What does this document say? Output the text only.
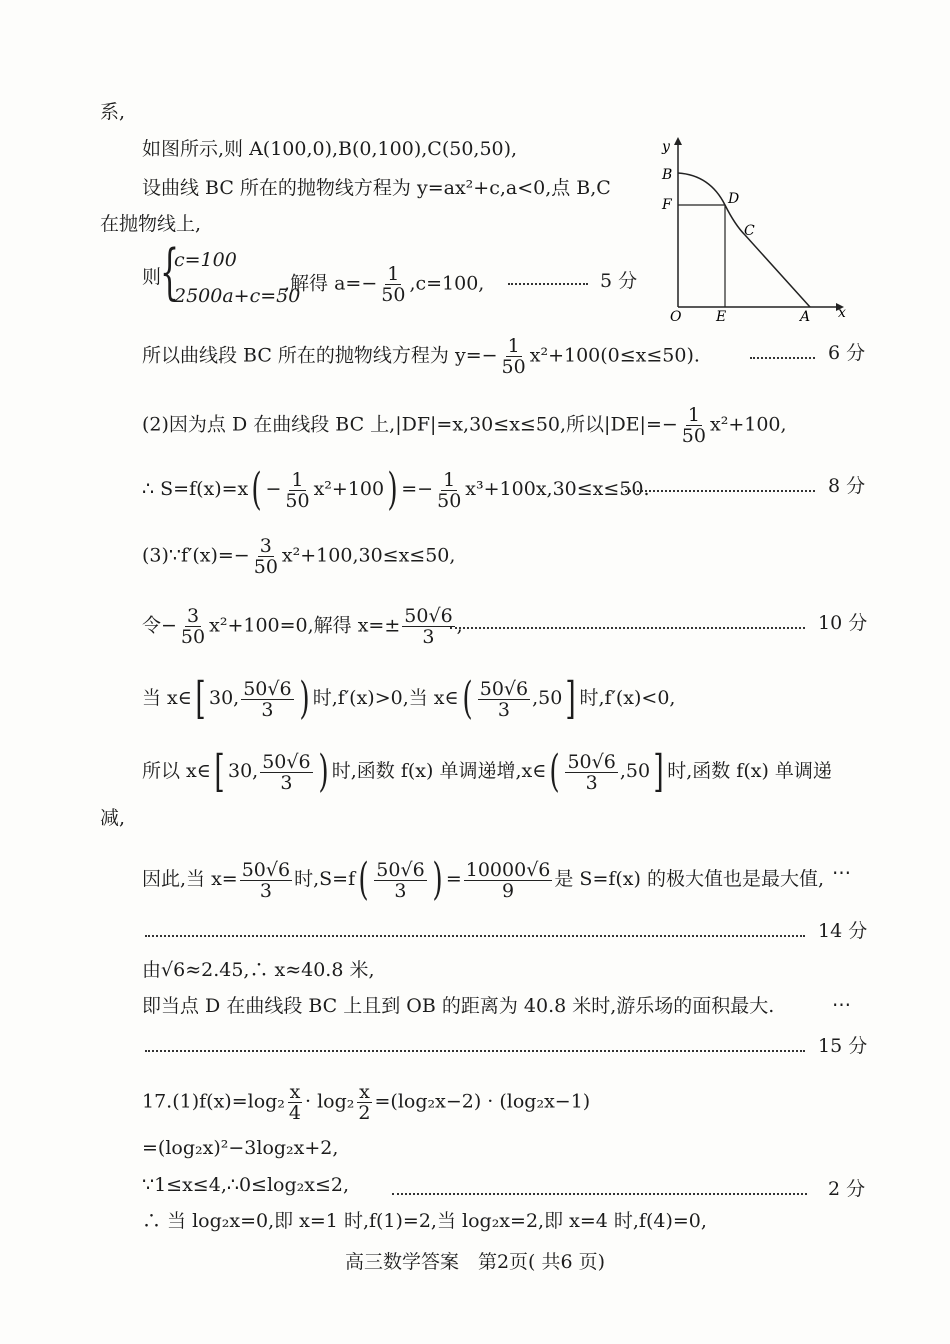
系,
如图所示,则 A(100,0),B(0,100),C(50,50),
设曲线 BC 所在的抛物线方程为 y=ax²+c,a<0,点 B,C
在抛物线上,
则
{
c=100
2500a+c=50
,解得 $a=- \frac{1}{50} ,c=100$,	5 分
y
x
B
F	D
C
O E	A
所以曲线段 BC 所在的抛物线方程为 $y=- \frac{1}{50} x^2+100(0\le x\le 50)$.	6 分
(2)因为点 D 在曲线段 BC 上,|DF|=x,30≤x≤50,所以$|DE|=- \frac{1}{50} x^2+100$,
∴ $S=f(x)=x( - \frac{1}{50} x^2+100) =- \frac{1}{50} x^3+100x,30\le x\le 50$.	8 分
(3)∵f′(x)=− $\frac{3}{50} x^2+100,30\le x\le 50$,
令− $\frac{3}{50} x^2+100=0$,解得 $x=\pm \frac{50√6}{3}$ ,	10 分
当 x∈[ 30, $\frac{50√6}{3}$ ) 时,f′(x)>0,当 x∈( $\frac{50√6}{3} ,50$] 时,f′(x)<0,
所以 x∈[ 30, $\frac{50√6}{3}$ ) 时,函数 f(x) 单调递增,x∈( $\frac{50√6}{3} ,50$] 时,函数 f(x) 单调递
减,
因此,当 $x= \frac{50√6}{3}$ 时$,S=f( \frac{50√6}{3}$ ) = $\frac{10000√6}{9}$ 是 S=f(x) 的极大值也是最大值, ⋯
14 分
由√6≈2.45,∴ x≈40.8 米,
即当点 D 在曲线段 BC 上且到 OB 的距离为 40.8 米时,游乐场的面积最大.	⋯
15 分
$17.(1)f(x)=\log_2 \frac{x}{4} \cdot \log_2 \frac{x}{2} =(\log_2x-2) \cdot (\log_2x-1)$
=(log₂x)²−3log₂x+2,
∵1≤x≤4,∴0≤log₂x≤2,	2 分
∴ 当 log₂x=0,即 x=1 时,f(1)=2,当 log₂x=2,即 x=4 时,f(4)=0,
高三数学答案　第2页( 共6 页)
